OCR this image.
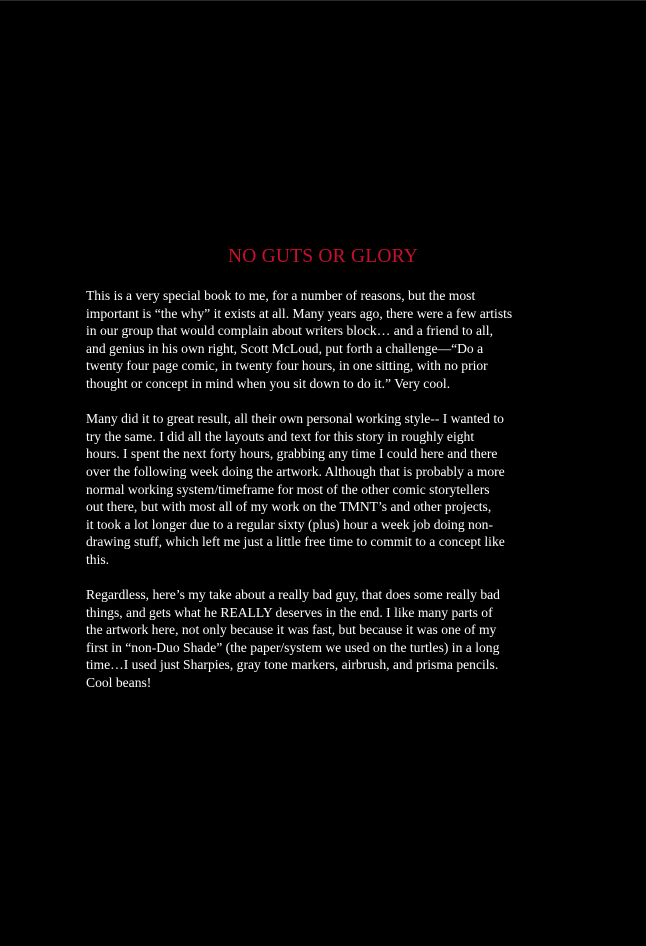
NO GUTS OR GLORY

This is a very special book to me, for a number of reasons, but the most
important is “the why” it exists at all. Many years ago, there were a few artists
in our group that would complain about writers block… and a friend to all,
and genius in his own right, Scott McLoud, put forth a challenge—“Do a
twenty four page comic, in twenty four hours, in one sitting, with no prior
thought or concept in mind when you sit down to do it.” Very cool.

Many did it to great result, all their own personal working style-- I wanted to
try the same. I did all the layouts and text for this story in roughly eight
hours. I spent the next forty hours, grabbing any time I could here and there
over the following week doing the artwork. Although that is probably a more
normal working system/timeframe for most of the other comic storytellers
out there, but with most all of my work on the TMNT’s and other projects,
it took a lot longer due to a regular sixty (plus) hour a week job doing non-
drawing stuff, which left me just a little free time to commit to a concept like
this.

Regardless, here’s my take about a really bad guy, that does some really bad
things, and gets what he REALLY deserves in the end. I like many parts of
the artwork here, not only because it was fast, but because it was one of my
first in “non-Duo Shade” (the paper/system we used on the turtles) in a long
time…I used just Sharpies, gray tone markers, airbrush, and prisma pencils.
Cool beans!
